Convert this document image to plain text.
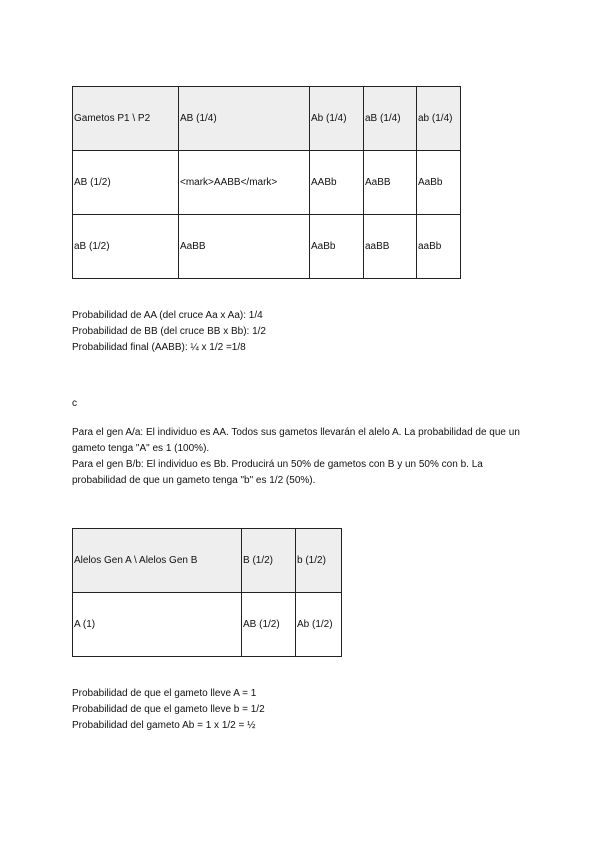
Gametos P1 \ P2	AB (1/4)	Ab (1/4)	aB (1/4)	ab (1/4)
AB (1/2)	<mark>AABB</mark>	AABb	AaBB	AaBb
aB (1/2)	AaBB	AaBb	aaBB	aaBb

Probabilidad de AA (del cruce Aa x Aa): 1/4

Probabilidad de BB (del cruce BB x Bb): 1/2

Probabilidad final (AABB): ¼ x 1/2 =1/8

c

Para el gen A/a: El individuo es AA. Todos sus gametos llevarán el alelo A. La probabilidad de que un gameto tenga "A" es 1 (100%).

Para el gen B/b: El individuo es Bb. Producirá un 50% de gametos con B y un 50% con b. La probabilidad de que un gameto tenga "b" es 1/2 (50%).

Alelos Gen A \ Alelos Gen B	B (1/2)	b (1/2)
A (1)	AB (1/2)	Ab (1/2)

Probabilidad de que el gameto lleve A = 1

Probabilidad de que el gameto lleve b = 1/2

Probabilidad del gameto Ab = 1 x 1/2 = ½
